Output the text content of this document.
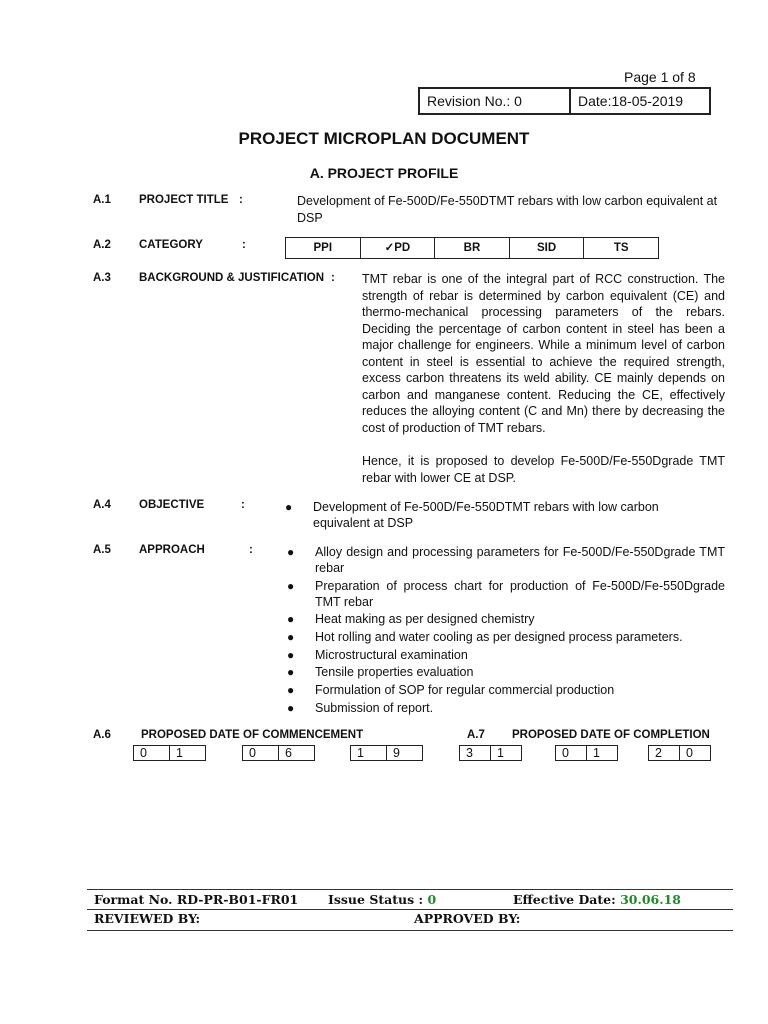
Page 1 of 8
Revision No.: 0	Date:18-05-2019
PROJECT MICROPLAN DOCUMENT
A. PROJECT PROFILE
A.1 PROJECT TITLE :	Development of Fe-500D/Fe-550DTMT rebars with low carbon equivalent at DSP
A.2 CATEGORY	:	PPI	✓PD	BR	SID	TS
A.3 BACKGROUND & JUSTIFICATION : TMT rebar is one of the integral part of RCC construction. The strength of rebar is determined by carbon equivalent (CE) and thermo-mechanical processing parameters of the rebars. Deciding the percentage of carbon content in steel has been a major challenge for engineers. While a minimum level of carbon content in steel is essential to achieve the required strength, excess carbon threatens its weld ability. CE mainly depends on carbon and manganese content. Reducing the CE, effectively reduces the alloying content (C and Mn) there by decreasing the cost of production of TMT rebars.
Hence, it is proposed to develop Fe-500D/Fe-550Dgrade TMT rebar with lower CE at DSP.
A.4 OBJECTIVE	:	● Development of Fe-500D/Fe-550DTMT rebars with low carbon equivalent at DSP
A.5 APPROACH	:	● Alloy design and processing parameters for Fe-500D/Fe-550Dgrade TMT rebar
● Preparation of process chart for production of Fe-500D/Fe-550Dgrade TMT rebar
● Heat making as per designed chemistry
● Hot rolling and water cooling as per designed process parameters.
● Microstructural examination
● Tensile properties evaluation
● Formulation of SOP for regular commercial production
● Submission of report.
A.6	PROPOSED DATE OF COMMENCEMENT	A.7 PROPOSED DATE OF COMPLETION
0	1	0	6	1	9	3	1	0	1	2	0
Format No. RD-PR-B01-FR01 Issue Status : 0	Effective Date: 30.06.18
REVIEWED BY:	APPROVED BY:
